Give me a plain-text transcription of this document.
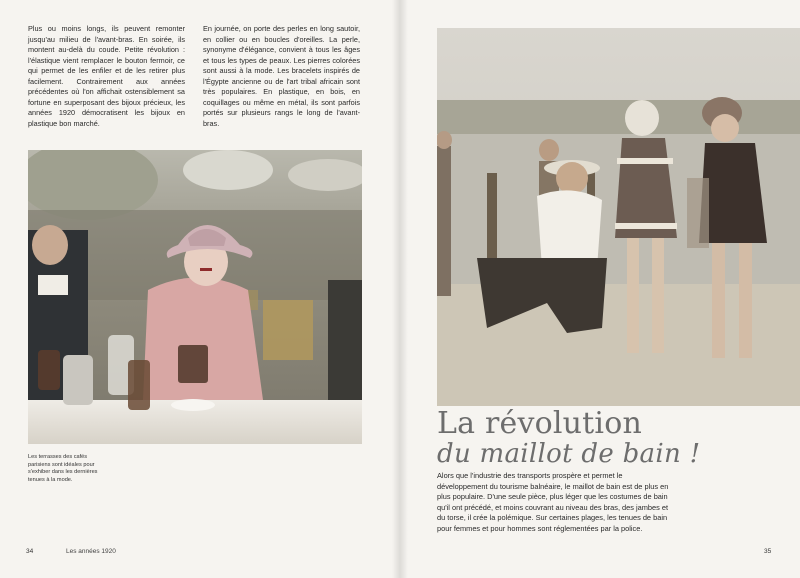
Plus ou moins longs, ils peuvent remonter jusqu'au milieu de l'avant-bras. En soirée, ils montent au-delà du coude. Petite révolution : l'élastique vient remplacer le bouton fermoir, ce qui permet de les enfiler et de les retirer plus facilement. Contrairement aux années précédentes où l'on affichait ostensiblement sa fortune en superposant des bijoux précieux, les années 1920 démocratisent les bijoux en plastique bon marché.

En journée, on porte des perles en long sautoir, en collier ou en boucles d'oreilles. La perle, synonyme d'élégance, convient à tous les âges et tous les types de peaux. Les pierres colorées sont aussi à la mode. Les bracelets inspirés de l'Égypte ancienne ou de l'art tribal africain sont très populaires. En plastique, en bois, en coquillages ou même en métal, ils sont parfois portés sur plusieurs rangs le long de l'avant-bras.

Les terrasses des cafés parisiens sont idéales pour s'exhiber dans les dernières tenues à la mode.
34	Les années 1920
La révolution
du maillot de bain !
Alors que l'industrie des transports prospère et permet le développement du tourisme balnéaire, le maillot de bain est de plus en plus populaire. D'une seule pièce, plus léger que les costumes de bain qu'il ont précédé, et moins couvrant au niveau des bras, des jambes et du torse, il crée la polémique. Sur certaines plages, les tenues de bain pour femmes et pour hommes sont réglementées par la police.
35
